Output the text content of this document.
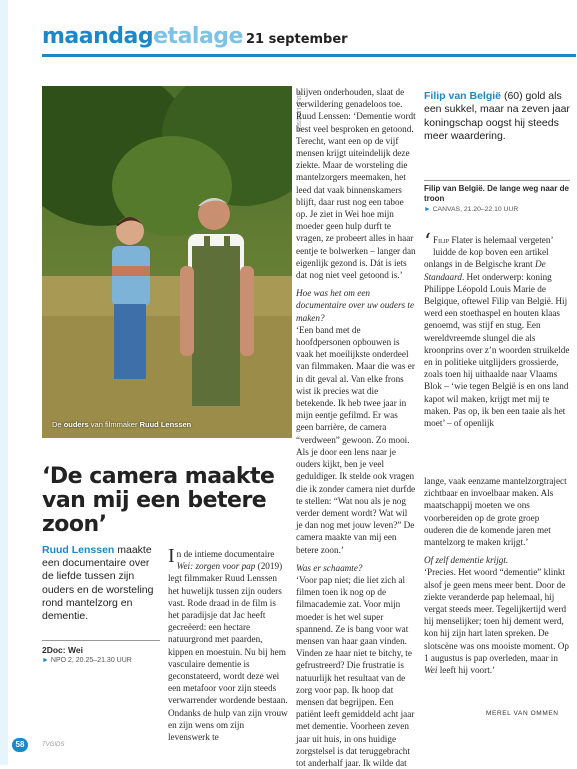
maandagetalage 21 september
De ouders van filmmaker Ruud Lenssen
RUUD LENSSEN
‘De camera maakte van mij een betere zoon’
Ruud Lenssen maakte een documentaire over de liefde tussen zijn ouders en de worsteling rond mantelzorg en dementie.
2Doc: Wei
► NPO 2, 20.25–21.30 UUR

In de intieme documentaire Wei: zorgen voor pap (2019) legt filmmaker Ruud Lenssen het huwelijk tussen zijn ouders vast. Rode draad in de film is het paradijsje dat Jac heeft gecreëerd: een hectare natuurgrond met paarden, kippen en moestuin. Nu bij hem vasculaire dementie is geconstateerd, wordt deze wei een metafoor voor zijn steeds verwarrender wordende bestaan. Ondanks de hulp van zijn vrouw en zijn wens om zijn levenswerk te

blijven onderhouden, slaat de verwildering genadeloos toe. Ruud Lenssen: ‘Dementie wordt best veel besproken en getoond. Terecht, want een op de vijf mensen krijgt uiteindelijk deze ziekte. Maar de worsteling die mantelzorgers meemaken, het leed dat vaak binnenskamers blijft, daar rust nog een taboe op. Je ziet in Wei hoe mijn moeder geen hulp durft te vragen, ze probeert alles in haar eentje te bolwerken – langer dan eigenlijk gezond is. Dát is iets dat nog niet veel getoond is.’

Hoe was het om een documentaire over uw ouders te maken?

‘Een band met de hoofdpersonen opbouwen is vaak het moeilijkste onderdeel van filmmaken. Maar die was er in dit geval al. Van elke frons wist ik precies wat die betekende. Ik heb twee jaar in mijn eentje gefilmd. Er was geen barrière, de camera “verdween” gewoon. Zo mooi. Als je door een lens naar je ouders kijkt, ben je veel geduldiger. Ik stelde ook vragen die ik zonder camera niet durfde te stellen: “Wat nou als je nog verder dement wordt? Wat wil je dan nog met jouw leven?” De camera maakte van mij een betere zoon.’

Was er schaamte?

‘Voor pap niet; die liet zich al filmen toen ik nog op de filmacademie zat. Voor mijn moeder is het wel super spannend. Ze is bang voor wat mensen van haar gaan vinden. Vinden ze haar niet te bitchy, te gefrustreerd? Die frustratie is natuurlijk het resultaat van de zorg voor pap. Ik hoop dat mensen dat begrijpen. Een patiënt leeft gemiddeld acht jaar met dementie. Voorheen zeven jaar uit huis, in ons huidige zorgstelsel is dat teruggebracht tot anderhalf jaar. Ik wilde dat

Filip van België (60) gold als een sukkel, maar na zeven jaar koningschap oogst hij steeds meer waardering.
Filip van België. De lange weg naar de troon
► CANVAS, 21.20–22.10 UUR

‘ Filip Flater is helemaal vergeten’ luidde de kop boven een artikel onlangs in de Belgische krant De Standaard. Het onderwerp: koning Philippe Léopold Louis Marie de Belgique, oftewel Filip van België. Hij werd een stoethaspel en houten klaas genoemd, was stijf en stug. Een wereldvreemde slungel die als kroonprins over z’n woorden struikelde en in politieke uitglijders grossierde, zoals toen hij uithaalde naar Vlaams Blok – ‘wie tegen België is en ons land kapot wil maken, krijgt met mij te maken. Pas op, ik ben een taaie als het moet’ – of openlijk

lange, vaak eenzame mantelzorgtraject zichtbaar en invoelbaar maken. Als maatschappij moeten we ons voorbereiden op de grote groep ouderen die de komende jaren met mantelzorg te maken krijgt.’

Of zelf dementie krijgt.

‘Precies. Het woord “dementie” klinkt alsof je geen mens meer bent. Door de ziekte veranderde pap helemaal, hij vergat steeds meer. Tegelijkertijd werd hij menselijker; toen hij dement werd, kon hij zijn hart laten spreken. De slotscène was ons mooiste moment. Op 1 augustus is pap overleden, maar in Wei leeft hij voort.’

MEREL VAN OMMEN
58	TVGIDS
